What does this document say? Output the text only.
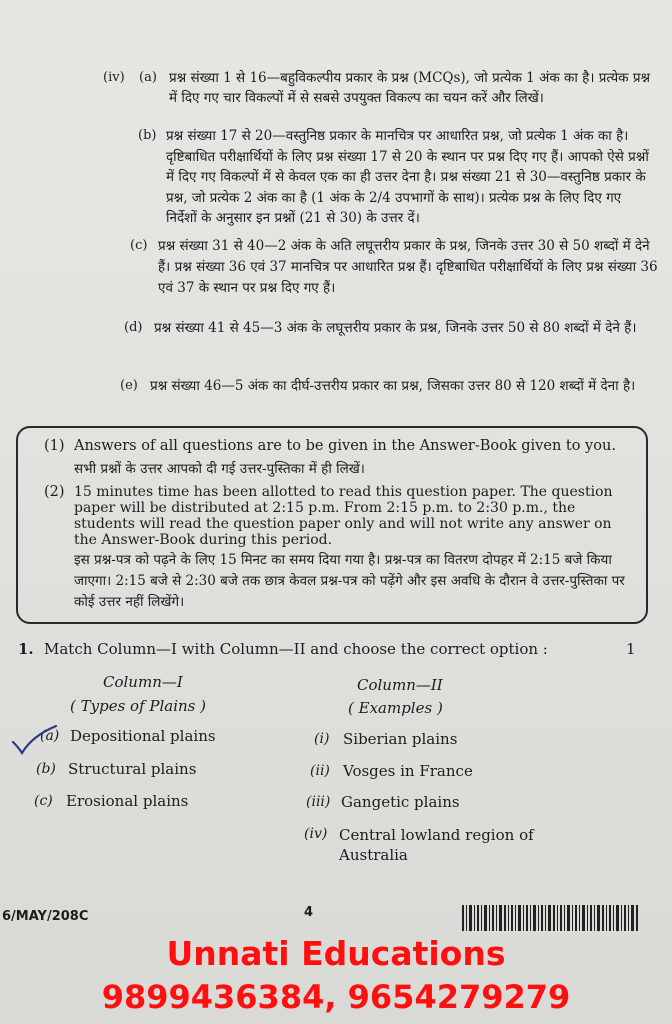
(iv) (a) प्रश्न संख्या 1 से 16—बहुविकल्पीय प्रकार के प्रश्न (MCQs), जो प्रत्येक 1 अंक का है। प्रत्येक प्रश्न में दिए गए चार विकल्पों में से सबसे उपयुक्त विकल्प का चयन करें और लिखें।
(b) प्रश्न संख्या 17 से 20—वस्तुनिष्ठ प्रकार के मानचित्र पर आधारित प्रश्न, जो प्रत्येक 1 अंक का है। दृष्टिबाधित परीक्षार्थियों के लिए प्रश्न संख्या 17 से 20 के स्थान पर प्रश्न दिए गए हैं। आपको ऐसे प्रश्नों में दिए गए विकल्पों में से केवल एक का ही उत्तर देना है। प्रश्न संख्या 21 से 30—वस्तुनिष्ठ प्रकार के प्रश्न, जो प्रत्येक 2 अंक का है (1 अंक के 2/4 उपभागों के साथ)। प्रत्येक प्रश्न के लिए दिए गए निर्देशों के अनुसार इन प्रश्नों (21 से 30) के उत्तर दें।
(c) प्रश्न संख्या 31 से 40—2 अंक के अति लघूत्तरीय प्रकार के प्रश्न, जिनके उत्तर 30 से 50 शब्दों में देने हैं। प्रश्न संख्या 36 एवं 37 मानचित्र पर आधारित प्रश्न हैं। दृष्टिबाधित परीक्षार्थियों के लिए प्रश्न संख्या 36 एवं 37 के स्थान पर प्रश्न दिए गए हैं।
(d) प्रश्न संख्या 41 से 45—3 अंक के लघूत्तरीय प्रकार के प्रश्न, जिनके उत्तर 50 से 80 शब्दों में देने हैं।
(e) प्रश्न संख्या 46—5 अंक का दीर्घ-उत्तरीय प्रकार का प्रश्न, जिसका उत्तर 80 से 120 शब्दों में देना है।
(1) Answers of all questions are to be given in the Answer-Book given to you.
सभी प्रश्नों के उत्तर आपको दी गई उत्तर-पुस्तिका में ही लिखें।
(2) 15 minutes time has been allotted to read this question paper. The question paper will be distributed at 2:15 p.m. From 2:15 p.m. to 2:30 p.m., the students will read the question paper only and will not write any answer on the Answer-Book during this period.
इस प्रश्न-पत्र को पढ़ने के लिए 15 मिनट का समय दिया गया है। प्रश्न-पत्र का वितरण दोपहर में 2:15 बजे किया जाएगा। 2:15 बजे से 2:30 बजे तक छात्र केवल प्रश्न-पत्र को पढ़ेंगे और इस अवधि के दौरान वे उत्तर-पुस्तिका पर कोई उत्तर नहीं लिखेंगे।
1. Match Column—I with Column—II and choose the correct option :	1
Column—I
( Types of Plains )
Column—II
( Examples )
(a) Depositional plains
(b) Structural plains
(c) Erosional plains
(i) Siberian plains
(ii) Vosges in France
(iii) Gangetic plains
(iv) Central lowland region of Australia
6/MAY/208C	4
Unnati Educations
9899436384, 9654279279
